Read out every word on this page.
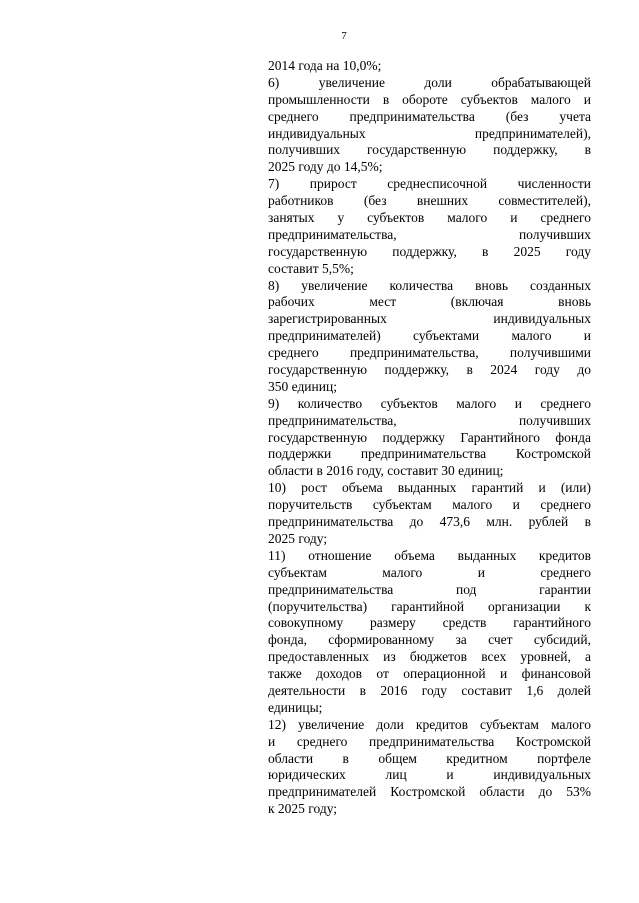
7
2014 года на 10,0%;
6) увеличение доли обрабатывающей
промышленности в обороте субъектов малого и
среднего предпринимательства (без учета
индивидуальных предпринимателей),
получивших государственную поддержку, в
2025 году до 14,5%;
7) прирост среднесписочной численности
работников (без внешних совместителей),
занятых у субъектов малого и среднего
предпринимательства, получивших
государственную поддержку, в 2025 году
составит 5,5%;
8) увеличение количества вновь созданных
рабочих мест (включая вновь
зарегистрированных индивидуальных
предпринимателей) субъектами малого и
среднего предпринимательства, получившими
государственную поддержку, в 2024 году до
350 единиц;
9) количество субъектов малого и среднего
предпринимательства, получивших
государственную поддержку Гарантийного фонда
поддержки предпринимательства Костромской
области в 2016 году, составит 30 единиц;
10) рост объема выданных гарантий и (или)
поручительств субъектам малого и среднего
предпринимательства до 473,6 млн. рублей в
2025 году;
11) отношение объема выданных кредитов
субъектам малого и среднего
предпринимательства под гарантии
(поручительства) гарантийной организации к
совокупному размеру средств гарантийного
фонда, сформированному за счет субсидий,
предоставленных из бюджетов всех уровней, а
также доходов от операционной и финансовой
деятельности в 2016 году составит 1,6 долей
единицы;
12) увеличение доли кредитов субъектам малого
и среднего предпринимательства Костромской
области в общем кредитном портфеле
юридических лиц и индивидуальных
предпринимателей Костромской области до 53%
к 2025 году;
